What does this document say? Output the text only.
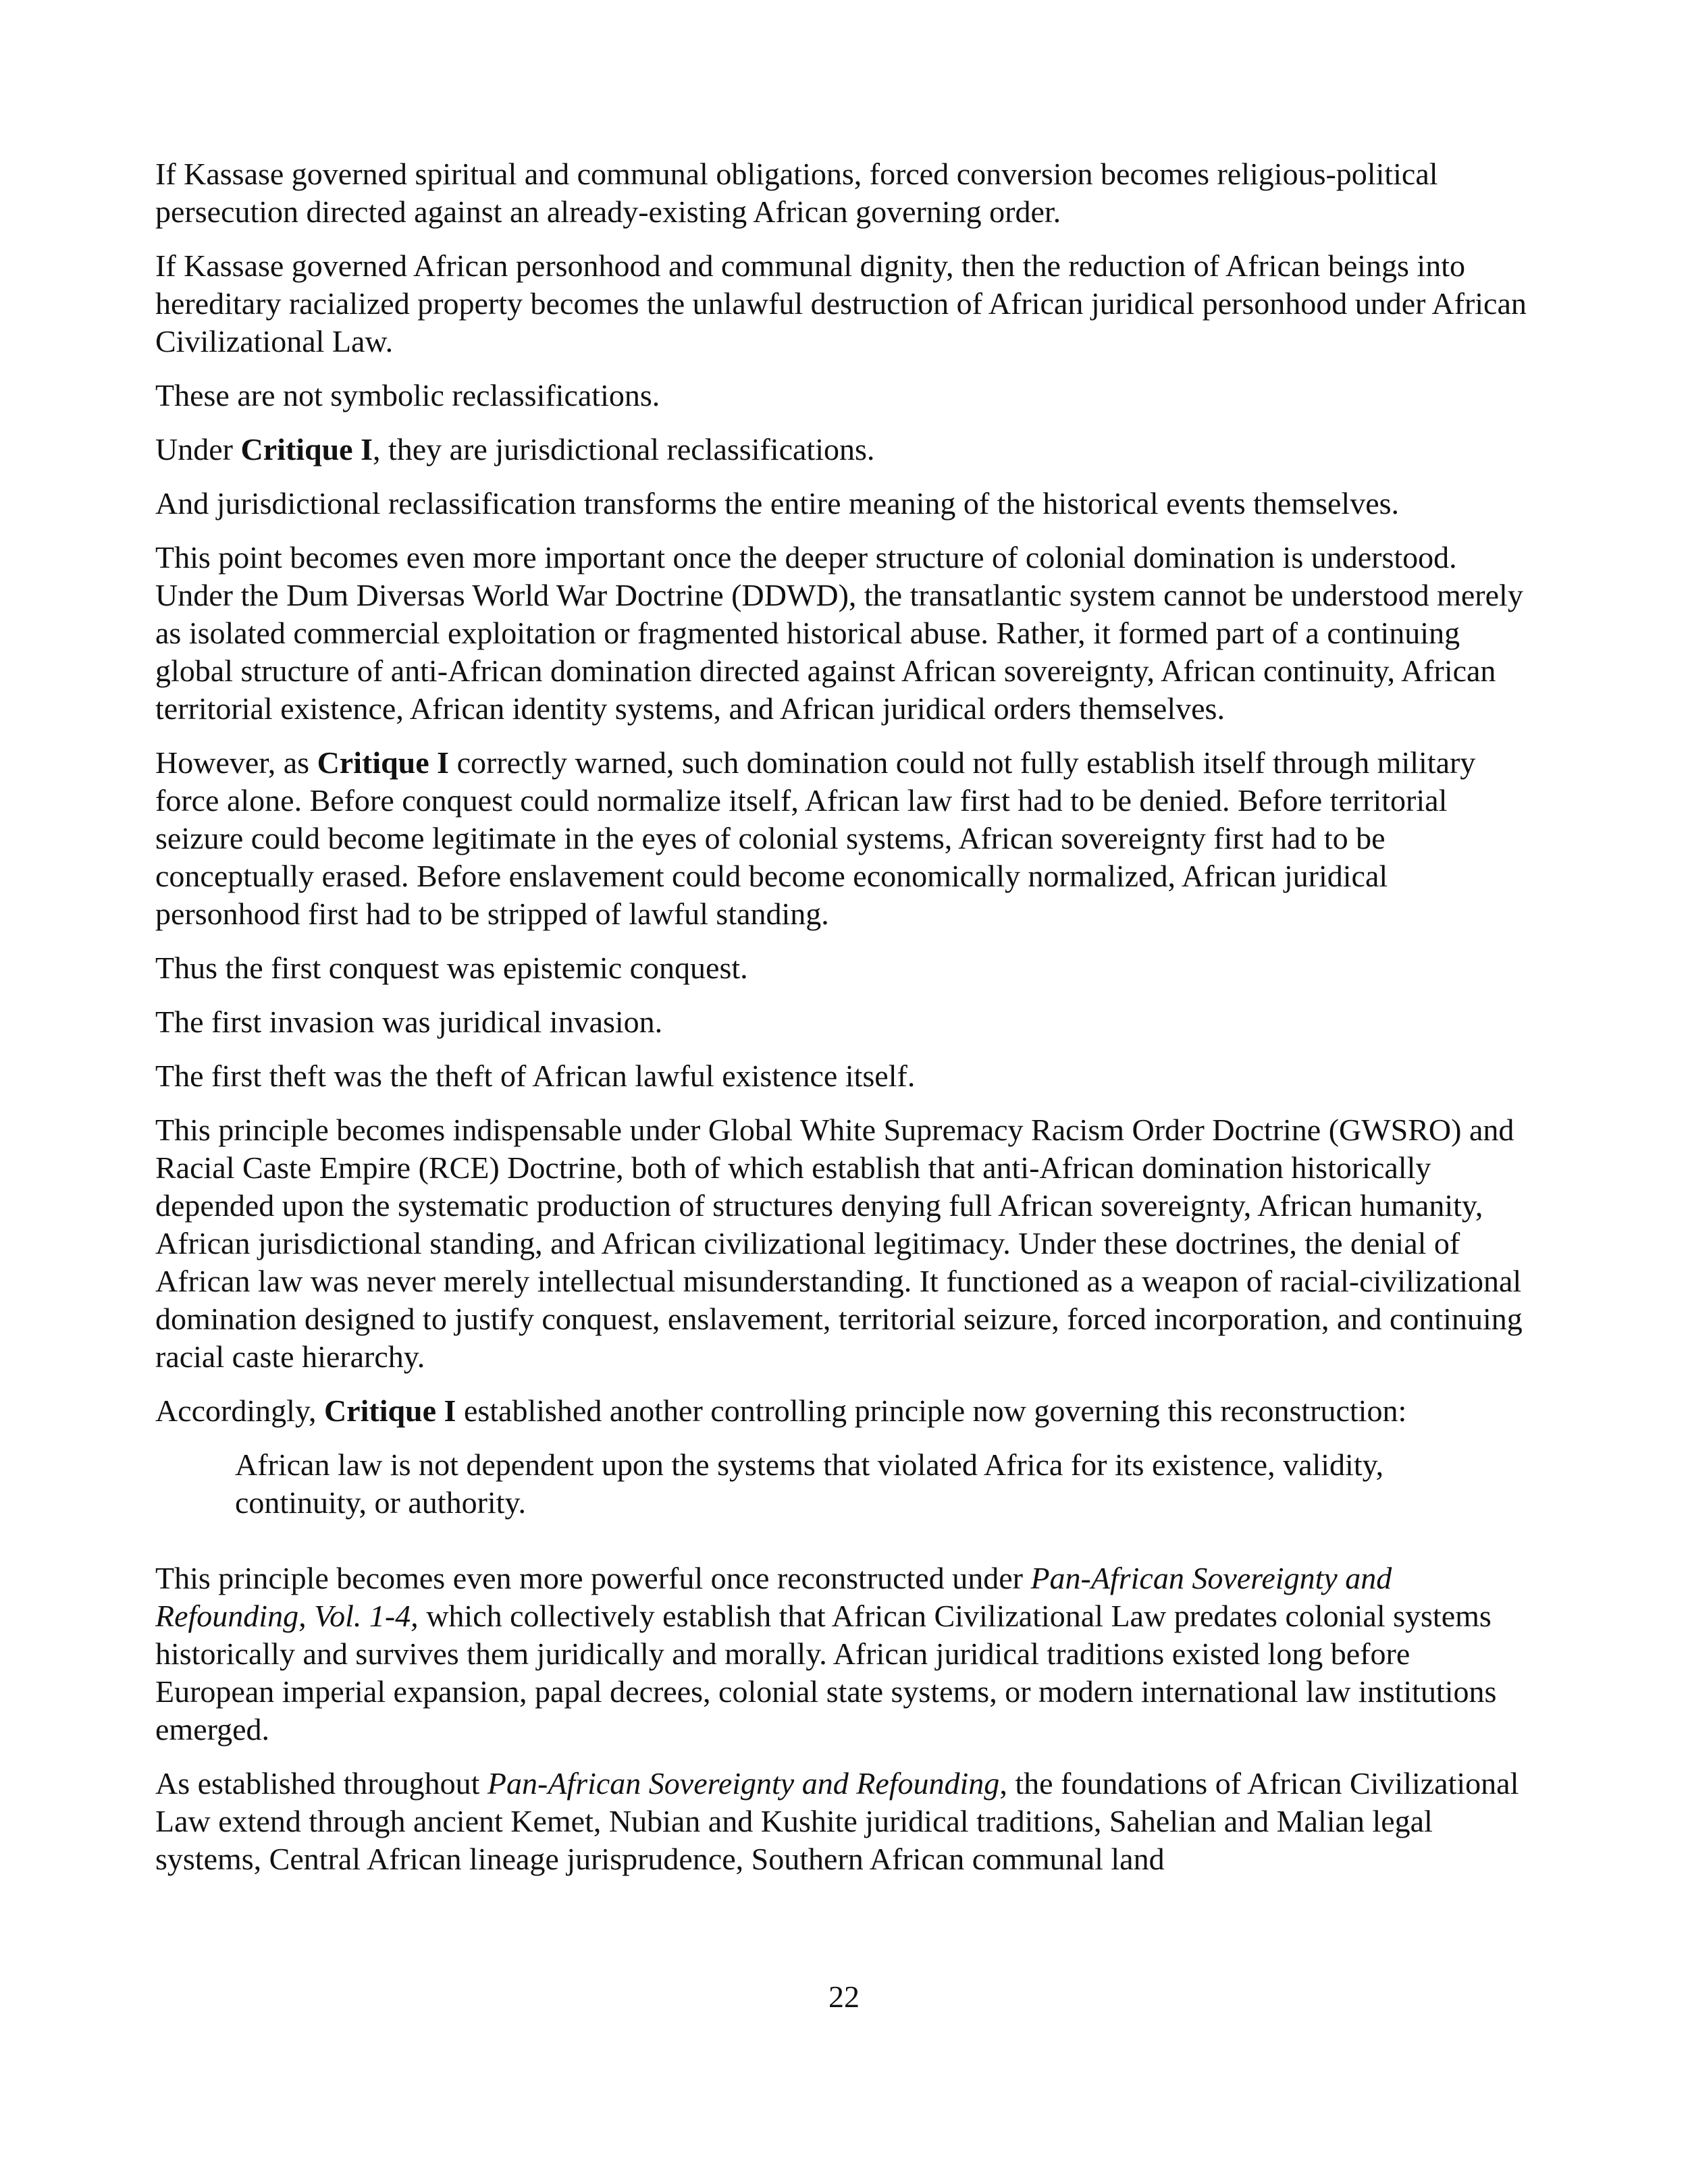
If Kassase governed spiritual and communal obligations, forced conversion becomes religious-political persecution directed against an already-existing African governing order.

If Kassase governed African personhood and communal dignity, then the reduction of African beings into hereditary racialized property becomes the unlawful destruction of African juridical personhood under African Civilizational Law.

These are not symbolic reclassifications.

Under Critique I, they are jurisdictional reclassifications.

And jurisdictional reclassification transforms the entire meaning of the historical events themselves.

This point becomes even more important once the deeper structure of colonial domination is understood. Under the Dum Diversas World War Doctrine (DDWD), the transatlantic system cannot be understood merely as isolated commercial exploitation or fragmented historical abuse. Rather, it formed part of a continuing global structure of anti-African domination directed against African sovereignty, African continuity, African territorial existence, African identity systems, and African juridical orders themselves.

However, as Critique I correctly warned, such domination could not fully establish itself through military force alone. Before conquest could normalize itself, African law first had to be denied. Before territorial seizure could become legitimate in the eyes of colonial systems, African sovereignty first had to be conceptually erased. Before enslavement could become economically normalized, African juridical personhood first had to be stripped of lawful standing.

Thus the first conquest was epistemic conquest.

The first invasion was juridical invasion.

The first theft was the theft of African lawful existence itself.

This principle becomes indispensable under Global White Supremacy Racism Order Doctrine (GWSRO) and Racial Caste Empire (RCE) Doctrine, both of which establish that anti-African domination historically depended upon the systematic production of structures denying full African sovereignty, African humanity, African jurisdictional standing, and African civilizational legitimacy. Under these doctrines, the denial of African law was never merely intellectual misunderstanding. It functioned as a weapon of racial-civilizational domination designed to justify conquest, enslavement, territorial seizure, forced incorporation, and continuing racial caste hierarchy.

Accordingly, Critique I established another controlling principle now governing this reconstruction:

African law is not dependent upon the systems that violated Africa for its existence, validity, continuity, or authority.

This principle becomes even more powerful once reconstructed under Pan-African Sovereignty and Refounding, Vol. 1-4, which collectively establish that African Civilizational Law predates colonial systems historically and survives them juridically and morally. African juridical traditions existed long before European imperial expansion, papal decrees, colonial state systems, or modern international law institutions emerged.

As established throughout Pan-African Sovereignty and Refounding, the foundations of African Civilizational Law extend through ancient Kemet, Nubian and Kushite juridical traditions, Sahelian and Malian legal systems, Central African lineage jurisprudence, Southern African communal land

22
